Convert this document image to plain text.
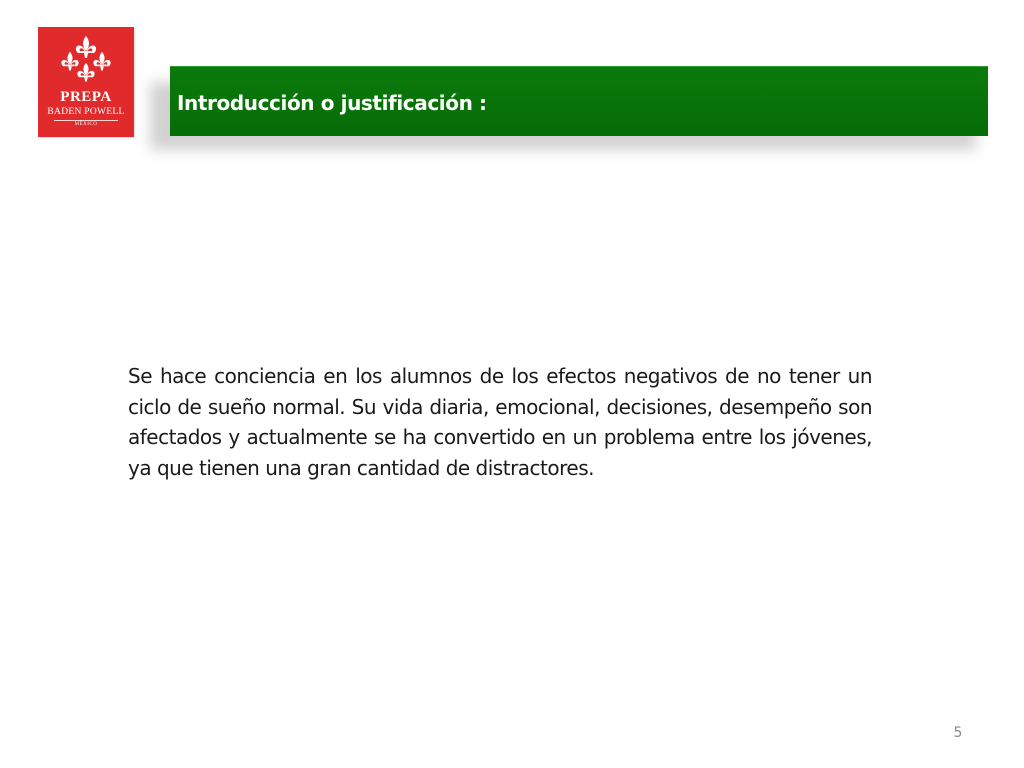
PREPA
BADEN POWELL
MÉXICO
Introducción o justificación :

Se hace conciencia en los alumnos de los efectos negativos de no tener un ciclo de sueño normal. Su vida diaria, emocional, decisiones, desempeño son afectados y actualmente se ha convertido en un problema entre los jóvenes, ya que tienen una gran cantidad de distractores.

5
